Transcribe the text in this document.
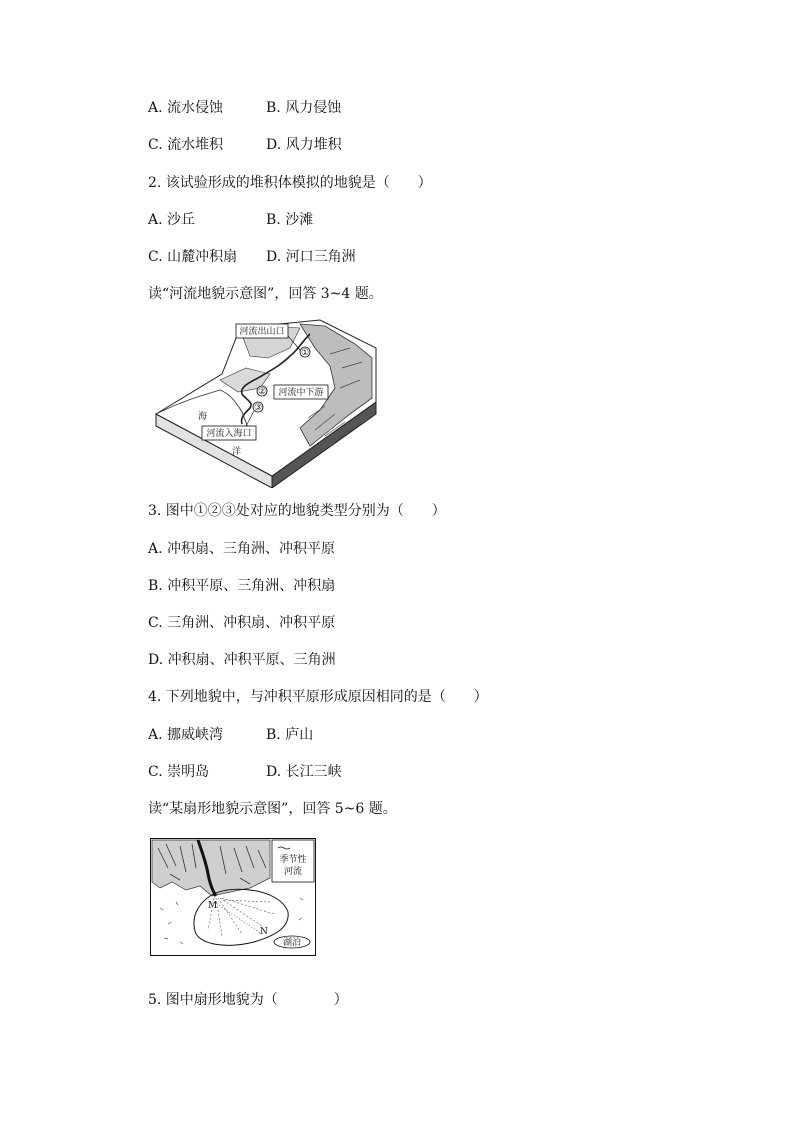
A. 流水侵蚀	B. 风力侵蚀
C. 流水堆积	D. 风力堆积
2. 该试验形成的堆积体模拟的地貌是（　　）
A. 沙丘	B. 沙滩
C. 山麓冲积扇 D. 河口三角洲
读“河流地貌示意图”，回答 3~4 题。
①
②
③
河流出山口
河流中下游
河流入海口
海
洋
3. 图中①②③处对应的地貌类型分别为（　　）
A. 冲积扇、三角洲、冲积平原
B. 冲积平原、三角洲、冲积扇
C. 三角洲、冲积扇、冲积平原
D. 冲积扇、冲积平原、三角洲
4. 下列地貌中，与冲积平原形成原因相同的是（　　）
A. 挪威峡湾	B. 庐山
C. 崇明岛	D. 长江三峡
读“某扇形地貌示意图”，回答 5~6 题。
季节性
河流
M
N
湖泊
5. 图中扇形地貌为（　　　　）
